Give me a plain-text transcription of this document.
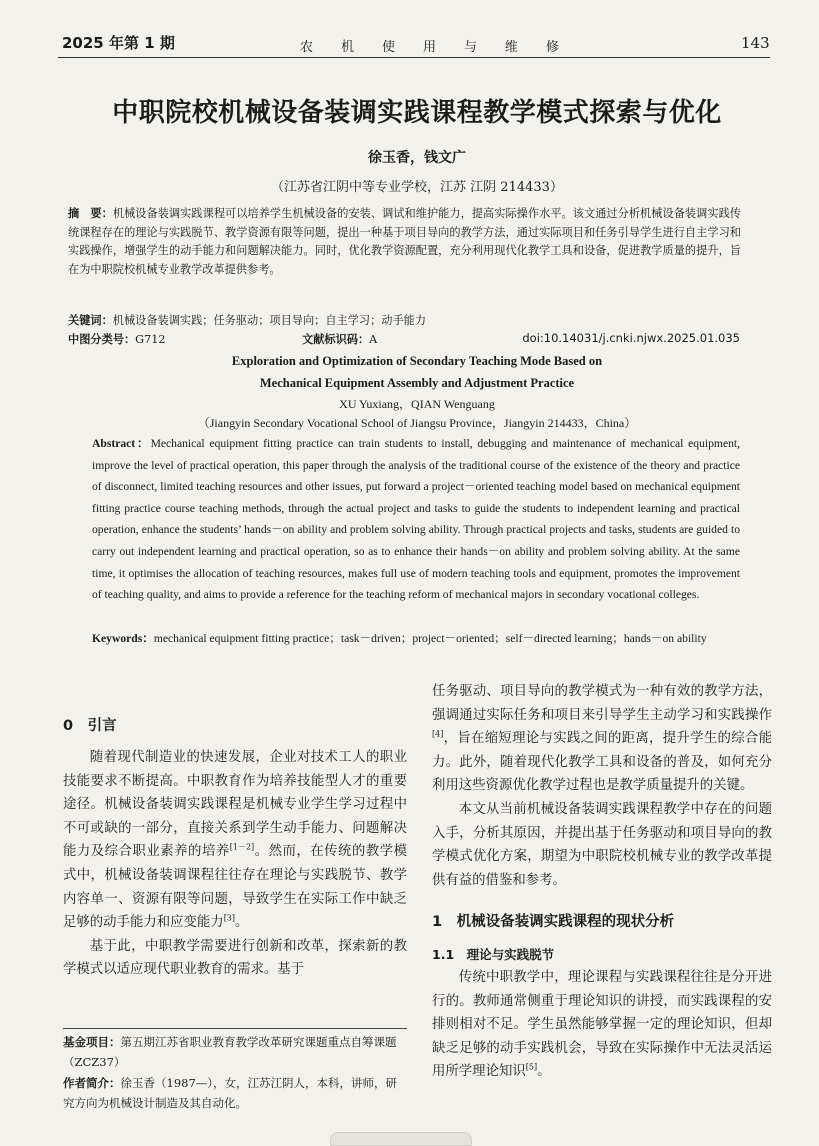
2025 年第 1 期	农 机 使 用 与 维 修	143
中职院校机械设备装调实践课程教学模式探索与优化
徐玉香，钱文广
（江苏省江阴中等专业学校，江苏 江阴 214433）
摘　要：机械设备装调实践课程可以培养学生机械设备的安装、调试和维护能力，提高实际操作水平。该文通过分析机械设备装调实践传统课程存在的理论与实践脱节、教学资源有限等问题，提出一种基于项目导向的教学方法，通过实际项目和任务引导学生进行自主学习和实践操作，增强学生的动手能力和问题解决能力。同时，优化教学资源配置，充分利用现代化教学工具和设备，促进教学质量的提升，旨在为中职院校机械专业教学改革提供参考。
关键词：机械设备装调实践；任务驱动；项目导向；自主学习；动手能力
中图分类号：G712	文献标识码：A	doi:10.14031/j.cnki.njwx.2025.01.035
Exploration and Optimization of Secondary Teaching Mode Based on
Mechanical Equipment Assembly and Adjustment Practice
XU Yuxiang，QIAN Wenguang
（Jiangyin Secondary Vocational School of Jiangsu Province，Jiangyin 214433，China）
Abstract：Mechanical equipment fitting practice can train students to install, debugging and maintenance of mechanical equipment, improve the level of practical operation, this paper through the analysis of the traditional course of the existence of the theory and practice of disconnect, limited teaching resources and other issues, put forward a project－oriented teaching model based on mechanical equipment fitting practice course teaching methods, through the actual project and tasks to guide the students to independent learning and practical operation, enhance the students’ hands－on ability and problem solving ability. Through practical projects and tasks, students are guided to carry out independent learning and practical operation, so as to enhance their hands－on ability and problem solving ability. At the same time, it optimises the allocation of teaching resources, makes full use of modern teaching tools and equipment, promotes the improvement of teaching quality, and aims to provide a reference for the teaching reform of mechanical majors in secondary vocational colleges.
Keywords：mechanical equipment fitting practice；task－driven；project－oriented；self－directed learning；hands－on ability
0　引言

随着现代制造业的快速发展，企业对技术工人的职业技能要求不断提高。中职教育作为培养技能型人才的重要途径。机械设备装调实践课程是机械专业学生学习过程中不可或缺的一部分，直接关系到学生动手能力、问题解决能力及综合职业素养的培养[1－2]。然而，在传统的教学模式中，机械设备装调课程往往存在理论与实践脱节、教学内容单一、资源有限等问题，导致学生在实际工作中缺乏足够的动手能力和应变能力[3]。

基于此，中职教学需要进行创新和改革，探索新的教学模式以适应现代职业教育的需求。基于

基金项目：第五期江苏省职业教育教学改革研究课题重点自筹课题（ZCZ37）
作者简介：徐玉香（1987—），女，江苏江阴人，本科，讲师，研究方向为机械设计制造及其自动化。

任务驱动、项目导向的教学模式为一种有效的教学方法，强调通过实际任务和项目来引导学生主动学习和实践操作[4]，旨在缩短理论与实践之间的距离，提升学生的综合能力。此外，随着现代化教学工具和设备的普及，如何充分利用这些资源优化教学过程也是教学质量提升的关键。

本文从当前机械设备装调实践课程教学中存在的问题入手，分析其原因，并提出基于任务驱动和项目导向的教学模式优化方案，期望为中职院校机械专业的教学改革提供有益的借鉴和参考。

1　机械设备装调实践课程的现状分析
1.1　理论与实践脱节

传统中职教学中，理论课程与实践课程往往是分开进行的。教师通常侧重于理论知识的讲授，而实践课程的安排则相对不足。学生虽然能够掌握一定的理论知识，但却缺乏足够的动手实践机会，导致在实际操作中无法灵活运用所学理论知识[5]。
